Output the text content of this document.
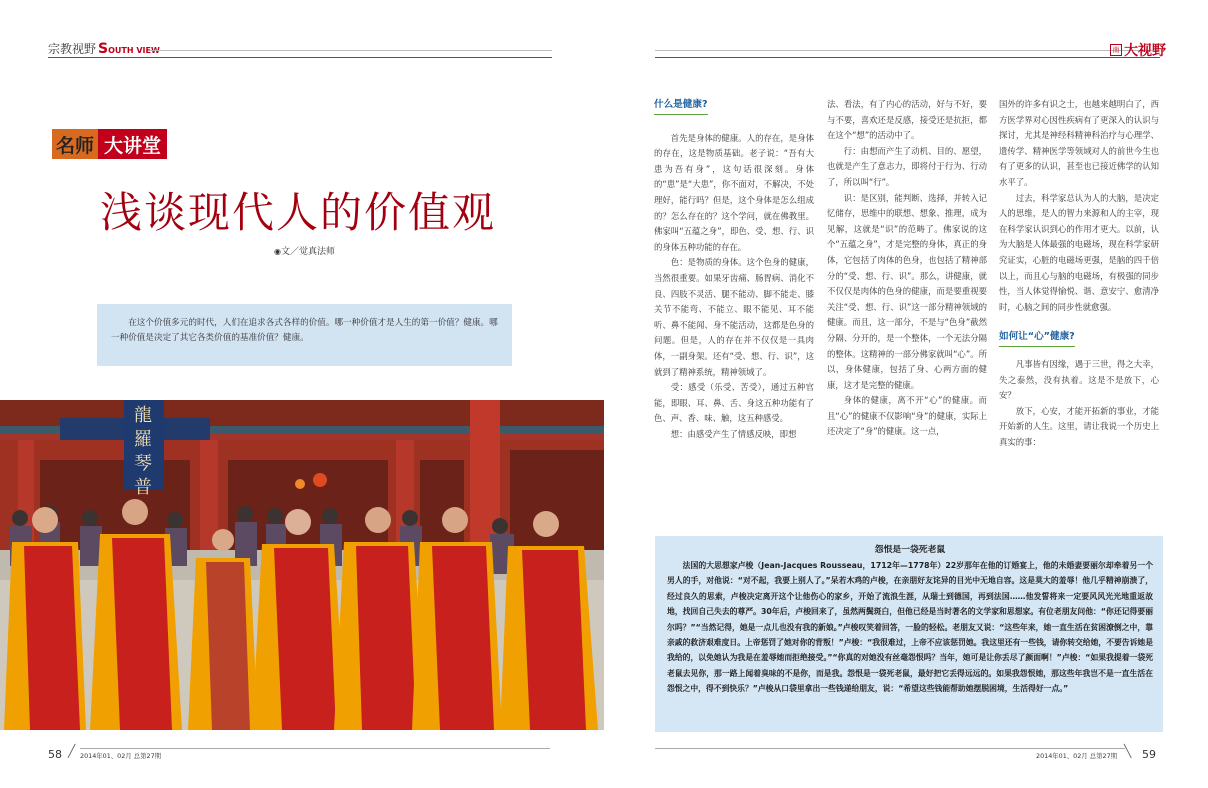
宗教视野 SOUTH VIEW
名师 大讲堂
浅谈现代人的价值观
◉文／觉真法师
在这个价值多元的时代，人们在追求各式各样的价值。哪一种价值才是人生的第一价值？健康。哪一种价值是决定了其它各类价值的基准价值？健康。
龍羅琴普
58 ╱ 2014年01、02月 总第27期
南 大视野
什么是健康?

首先是身体的健康。人的存在，是身体的存在，这是物质基础。老子说：“吾有大患为吾有身”，这句话很深刻。身体的“患”是“大患”，你不面对，不解决，不处理好，能行吗？但是，这个身体是怎么组成的？怎么存在的？这个学问，就在佛教里。佛家叫“五蕴之身”，即色、受、想、行、识的身体五种功能的存在。

色：是物质的身体。这个色身的健康，当然很重要。如果牙齿痛、肠胃病、消化不良、四肢不灵活、腿不能动、脚不能走、膝关节不能弯、不能立、眼不能见、耳不能听、鼻不能闻、身不能活动，这都是色身的问题。但是，人的存在并不仅仅是一具肉体，一副身架。还有“受、想、行、识”，这就到了精神系统，精神领域了。

受：感受（乐受、苦受），通过五种官能，即眼、耳、鼻、舌、身这五种功能有了色、声、香、味、触，这五种感受。

想：由感受产生了情感反映，即想

法、看法，有了内心的活动，好与不好，要与不要，喜欢还是反感，接受还是抗拒，都在这个“想”的活动中了。

行：由想而产生了动机、目的、愿望，也就是产生了意志力，即将付于行为、行动了，所以叫“行”。

识：是区别，能判断、选择，并转入记忆储存，思维中的联想、想象、推理，成为见解，这就是“识”的范畴了。佛家说的这个“五蕴之身”，才是完整的身体，真正的身体，它包括了肉体的色身，也包括了精神部分的“受、想、行、识”。那么，讲健康，就不仅仅是肉体的色身的健康，而是要重视要关注“受、想、行、识”这一部分精神领域的健康。而且，这一部分，不是与“色身”截然分隔、分开的，是一个整体，一个无法分隔的整体。这精神的一部分佛家就叫“心”。所以，身体健康，包括了身、心两方面的健康，这才是完整的健康。

身体的健康，离不开“心”的健康。而且“心”的健康不仅影响“身”的健康，实际上还决定了“身”的健康。这一点，

国外的许多有识之士，也越来越明白了，西方医学界对心因性疾病有了更深入的认识与探讨，尤其是神经科精神科治疗与心理学、遗传学、精神医学等领域对人的前世今生也有了更多的认识，甚至也已接近佛学的认知水平了。

过去，科学家总认为人的大脑，是决定人的思维，是人的智力来源和人的主宰，现在科学家认识到心的作用才更大。以前，认为大脑是人体最强的电磁场，现在科学家研究证实，心脏的电磁场更强，是脑的四千倍以上，而且心与脑的电磁场，有极强的同步性，当人体觉得愉悦、谐、意安宁、愈清净时，心脑之间的同步性就愈强。

如何让“心”健康?

凡事皆有因缘，遇于三世，得之大幸，失之泰然，没有执着。这是不是放下，心安？

放下，心安，才能开拓新的事业，才能开始新的人生。这里，请让我说一个历史上真实的事：

怨恨是一袋死老鼠
法国的大思想家卢梭（Jean-Jacques Rousseau，1712年—1778年）22岁那年在他的订婚宴上，他的未婚妻要丽尔却牵着另一个男人的手，对他说：“对不起，我要上别人了。”呆若木鸡的卢梭，在亲朋好友诧异的目光中无地自容。这是莫大的羞辱！他几乎精神崩溃了，经过良久的思索，卢梭决定离开这个让他伤心的家乡，开始了流浪生涯，从瑞士到德国，再到法国……他发誓将来一定要风风光光地重返故地，找回自己失去的尊严。30年后，卢梭回来了，虽然两鬓斑白，但他已经是当时著名的文学家和思想家。有位老朋友问他：“你还记得要丽尔吗？”“当然记得，她是一点儿也没有我的新娘。”卢梭叹笑着回答，一脸的轻松。老朋友又说：“这些年来，她一直生活在贫困潦倒之中，靠亲戚的救济艰难度日。上帝惩罚了她对你的背叛！”卢梭：“我很难过，上帝不应该惩罚她。我这里还有一些钱，请你转交给她，不要告诉她是我给的，以免她认为我是在羞辱她而拒绝接受。”“你真的对她没有丝毫怨恨吗？当年，她可是让你丢尽了颜面啊！”卢梭：“如果我提着一袋死老鼠去见你，那一路上闻着臭味的不是你，而是我。怨恨是一袋死老鼠，最好把它丢得远远的。如果我怨恨她，那这些年我岂不是一直生活在怨恨之中，得不到快乐？”卢梭从口袋里拿出一些钱递给朋友，说：“希望这些钱能帮助她摆脱困境，生活得好一点。”
2014年01、02月 总第27期 ╲ 59
